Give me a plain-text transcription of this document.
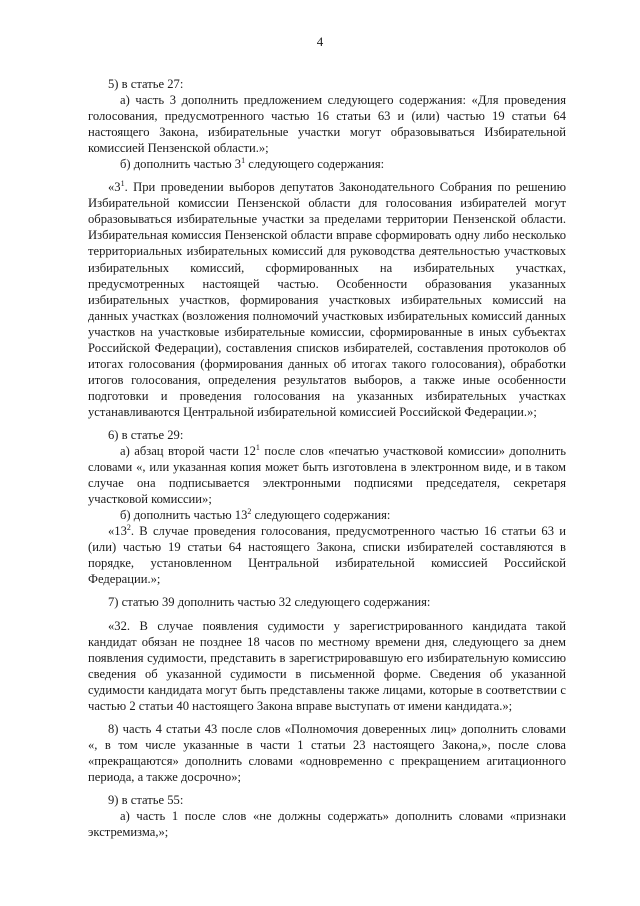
4

5) в статье 27:

а) часть 3 дополнить предложением следующего содержания: «Для проведения голосования, предусмотренного частью 16 статьи 63 и (или) частью 19 статьи 64 настоящего Закона, избирательные участки могут образовываться Избирательной комиссией Пензенской области.»;

б) дополнить частью $3^1$ следующего содержания:

«$3^1$. При проведении выборов депутатов Законодательного Собрания по решению Избирательной комиссии Пензенской области для голосования избирателей могут образовываться избирательные участки за пределами территории Пензенской области. Избирательная комиссия Пензенской области вправе сформировать одну либо несколько территориальных избирательных комиссий для руководства деятельностью участковых избирательных комиссий, сформированных на избирательных участках, предусмотренных настоящей частью. Особенности образования указанных избирательных участков, формирования участковых избирательных комиссий на данных участках (возложения полномочий участковых избирательных комиссий данных участков на участковые избирательные комиссии, сформированные в иных субъектах Российской Федерации), составления списков избирателей, составления протоколов об итогах голосования (формирования данных об итогах такого голосования), обработки итогов голосования, определения результатов выборов, а также иные особенности подготовки и проведения голосования на указанных избирательных участках устанавливаются Центральной избирательной комиссией Российской Федерации.»;

6) в статье 29:

а) абзац второй части $12^1$ после слов «печатью участковой комиссии» дополнить словами «, или указанная копия может быть изготовлена в электронном виде, и в таком случае она подписывается электронными подписями председателя, секретаря участковой комиссии»;

б) дополнить частью $13^2$ следующего содержания:

«$13^2$. В случае проведения голосования, предусмотренного частью 16 статьи 63 и (или) частью 19 статьи 64 настоящего Закона, списки избирателей составляются в порядке, установленном Центральной избирательной комиссией Российской Федерации.»;

7) статью 39 дополнить частью 32 следующего содержания:

«32. В случае появления судимости у зарегистрированного кандидата такой кандидат обязан не позднее 18 часов по местному времени дня, следующего за днем появления судимости, представить в зарегистрировавшую его избирательную комиссию сведения об указанной судимости в письменной форме. Сведения об указанной судимости кандидата могут быть представлены также лицами, которые в соответствии с частью 2 статьи 40 настоящего Закона вправе выступать от имени кандидата.»;

8) часть 4 статьи 43 после слов «Полномочия доверенных лиц» дополнить словами «, в том числе указанные в части 1 статьи 23 настоящего Закона,», после слова «прекращаются» дополнить словами «одновременно с прекращением агитационного периода, а также досрочно»;

9) в статье 55:

а) часть 1 после слов «не должны содержать» дополнить словами «признаки экстремизма,»;
